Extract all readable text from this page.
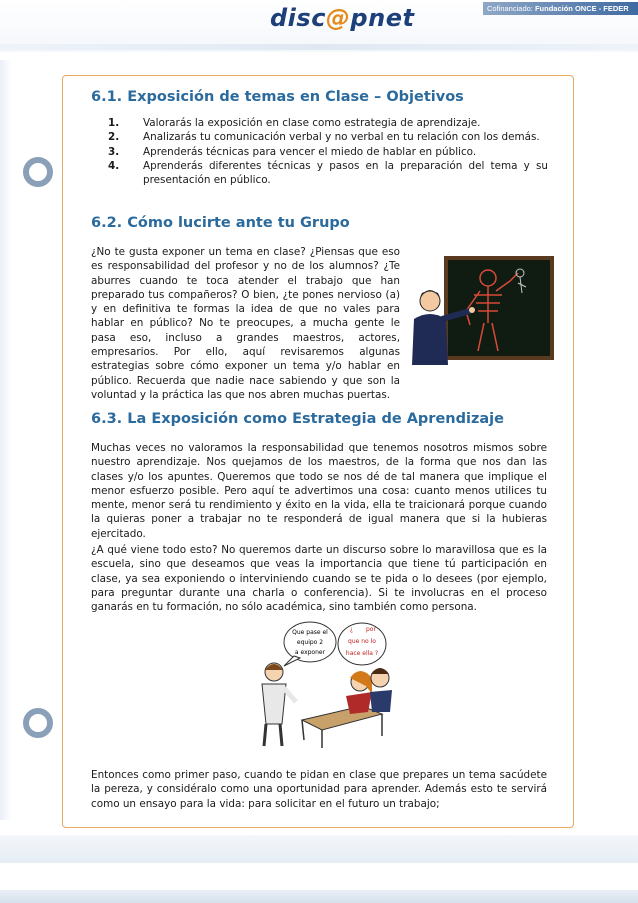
disc@pnet	Cofinanciado: Fundación ONCE - FEDER
6.1. Exposición de temas en Clase – Objetivos
1. Valorarás la exposición en clase como estrategia de aprendizaje.
2. Analizarás tu comunicación verbal y no verbal en tu relación con los demás.
3. Aprenderás técnicas para vencer el miedo de hablar en público.
4. Aprenderás diferentes técnicas y pasos en la preparación del tema y su presentación en público.
6.2. Cómo lucirte ante tu Grupo

¿No te gusta exponer un tema en clase? ¿Piensas que eso es responsabilidad del profesor y no de los alumnos? ¿Te aburres cuando te toca atender el trabajo que han preparado tus compañeros? O bien, ¿te pones nervioso (a) y en definitiva te formas la idea de que no vales para hablar en público? No te preocupes, a mucha gente le pasa eso, incluso a grandes maestros, actores, empresarios. Por ello, aquí revisaremos algunas estrategias sobre cómo exponer un tema y/o hablar en público. Recuerda que nadie nace sabiendo y que son la voluntad y la práctica las que nos abren muchas puertas.

6.3. La Exposición como Estrategia de Aprendizaje

Muchas veces no valoramos la responsabilidad que tenemos nosotros mismos sobre nuestro aprendizaje. Nos quejamos de los maestros, de la forma que nos dan las clases y/o los apuntes. Queremos que todo se nos dé de tal manera que implique el menor esfuerzo posible. Pero aquí te advertimos una cosa: cuanto menos utilices tu mente, menor será tu rendimiento y éxito en la vida, ella te traicionará porque cuando la quieras poner a trabajar no te responderá de igual manera que si la hubieras ejercitado.

¿A qué viene todo esto? No queremos darte un discurso sobre lo maravillosa que es la escuela, sino que deseamos que veas la importancia que tiene tú participación en clase, ya sea exponiendo o interviniendo cuando se te pida o lo desees (por ejemplo, para preguntar durante una charla o conferencia). Si te involucras en el proceso ganarás en tu formación, no sólo académica, sino también como persona.

Que pase el
equipo 2
a exponer
¿ por
que no lo
hace ella ?

Entonces como primer paso, cuando te pidan en clase que prepares un tema sacúdete la pereza, y considéralo como una oportunidad para aprender. Además esto te servirá como un ensayo para la vida: para solicitar en el futuro un trabajo;
